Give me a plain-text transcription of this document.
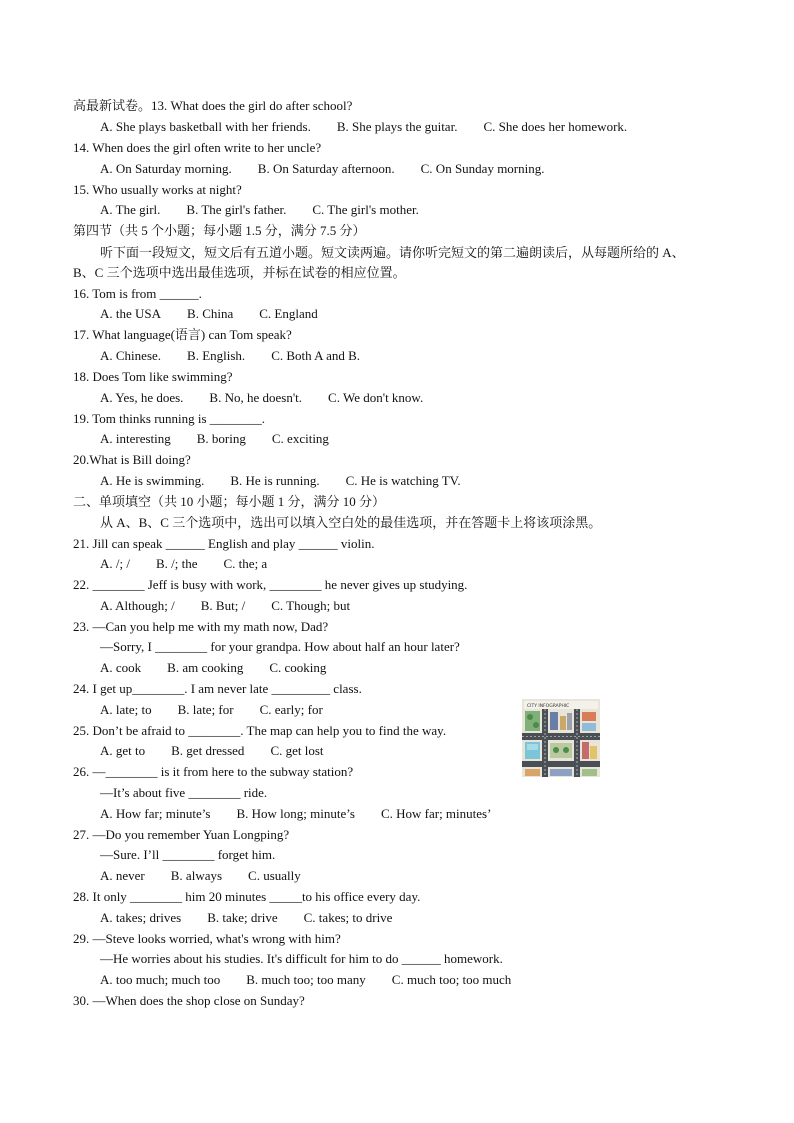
高最新试卷。13. What does the girl do after school?
A. She plays basketball with her friends. B. She plays the guitar. C. She does her homework.
14. When does the girl often write to her uncle?
A. On Saturday morning. B. On Saturday afternoon. C. On Sunday morning.
15. Who usually works at night?
A. The girl. B. The girl's father. C. The girl's mother.
第四节（共 5 个小题；每小题 1.5 分，满分 7.5 分）
听下面一段短文，短文后有五道小题。短文读两遍。请你听完短文的第二遍朗读后，从每题所给的 A、
B、C 三个选项中选出最佳选项，并标在试卷的相应位置。
16. Tom is from ______.
A. the USA B. China C. England
17. What language(语言) can Tom speak?
A. Chinese. B. English. C. Both A and B.
18. Does Tom like swimming?
A. Yes, he does. B. No, he doesn't. C. We don't know.
19. Tom thinks running is ________.
A. interesting B. boring C. exciting
20.What is Bill doing?
A. He is swimming. B. He is running. C. He is watching TV.
二、单项填空（共 10 小题；每小题 1 分，满分 10 分）
从 A、B、C 三个选项中，选出可以填入空白处的最佳选项，并在答题卡上将该项涂黑。
21. Jill can speak ______ English and play ______ violin.
A. /; / B. /; the C. the; a
22. ________ Jeff is busy with work, ________ he never gives up studying.
A. Although; / B. But; / C. Though; but
23. —Can you help me with my math now, Dad?
—Sorry, I ________ for your grandpa. How about half an hour later?
A. cook B. am cooking C. cooking
24. I get up________. I am never late _________ class.
A. late; to B. late; for C. early; for
25. Don’t be afraid to ________. The map can help you to find the way.
A. get to B. get dressed C. get lost
CITY INFOGRAPHIC
26. —________ is it from here to the subway station?
—It’s about five ________ ride.
A. How far; minute’s B. How long; minute’s C. How far; minutes’
27. —Do you remember Yuan Longping?
—Sure. I’ll ________ forget him.
A. never B. always C. usually
28. It only ________ him 20 minutes _____to his office every day.
A. takes; drives B. take; drive C. takes; to drive
29. —Steve looks worried, what's wrong with him?
—He worries about his studies. It's difficult for him to do ______ homework.
A. too much; much too B. much too; too many C. much too; too much
30. —When does the shop close on Sunday?
